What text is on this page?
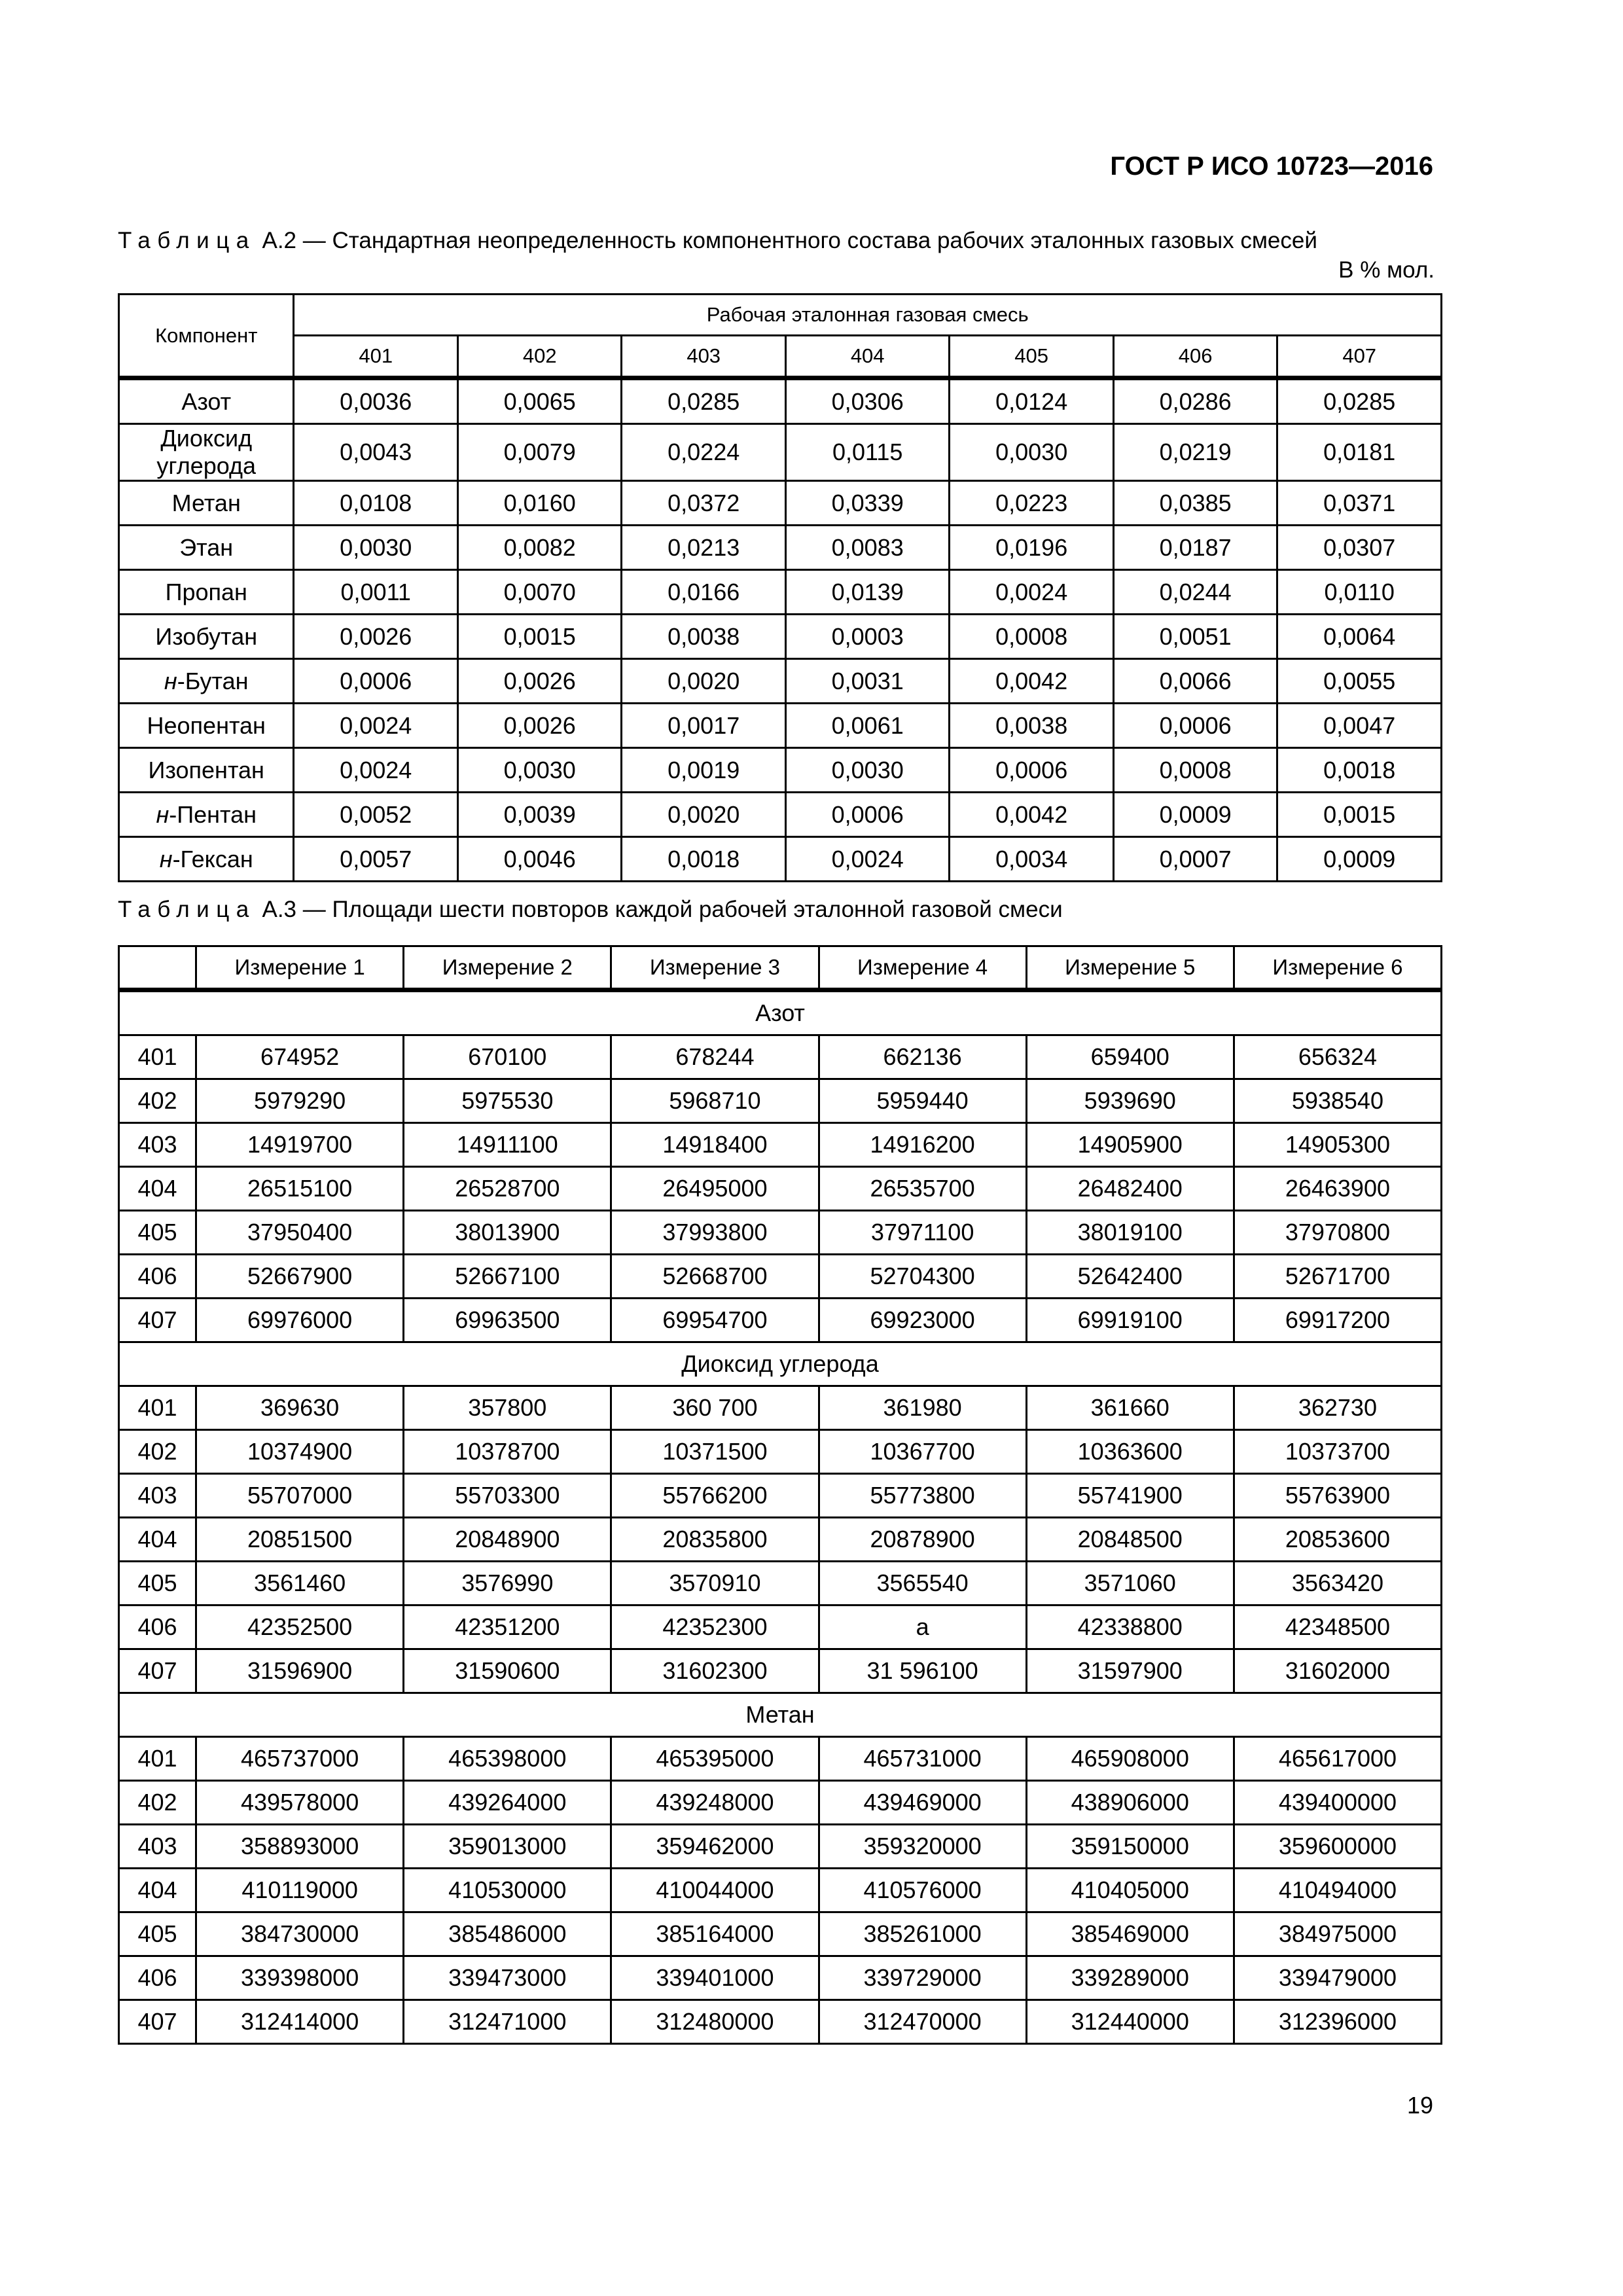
ГОСТ Р ИСО 10723—2016
Таблица А.2 — Стандартная неопределенность компонентного состава рабочих эталонных газовых смесей
В % мол.
Компонент	Рабочая эталонная газовая смесь						
	401	402	403	404	405	406	407
Азот	0,0036	0,0065	0,0285	0,0306	0,0124	0,0286	0,0285
Диоксид углерода	0,0043	0,0079	0,0224	0,0115	0,0030	0,0219	0,0181
Метан	0,0108	0,0160	0,0372	0,0339	0,0223	0,0385	0,0371
Этан	0,0030	0,0082	0,0213	0,0083	0,0196	0,0187	0,0307
Пропан	0,0011	0,0070	0,0166	0,0139	0,0024	0,0244	0,0110
Изобутан	0,0026	0,0015	0,0038	0,0003	0,0008	0,0051	0,0064
н-Бутан	0,0006	0,0026	0,0020	0,0031	0,0042	0,0066	0,0055
Неопентан	0,0024	0,0026	0,0017	0,0061	0,0038	0,0006	0,0047
Изопентан	0,0024	0,0030	0,0019	0,0030	0,0006	0,0008	0,0018
н-Пентан	0,0052	0,0039	0,0020	0,0006	0,0042	0,0009	0,0015
н-Гексан	0,0057	0,0046	0,0018	0,0024	0,0034	0,0007	0,0009
Таблица А.3 — Площади шести повторов каждой рабочей эталонной газовой смеси
	Измерение 1	Измерение 2	Измерение 3	Измерение 4	Измерение 5	Измерение 6
Азот						
401	674952	670100	678244	662136	659400	656324
402	5979290	5975530	5968710	5959440	5939690	5938540
403	14919700	14911100	14918400	14916200	14905900	14905300
404	26515100	26528700	26495000	26535700	26482400	26463900
405	37950400	38013900	37993800	37971100	38019100	37970800
406	52667900	52667100	52668700	52704300	52642400	52671700
407	69976000	69963500	69954700	69923000	69919100	69917200
Диоксид углерода						
401	369630	357800	360 700	361980	361660	362730
402	10374900	10378700	10371500	10367700	10363600	10373700
403	55707000	55703300	55766200	55773800	55741900	55763900
404	20851500	20848900	20835800	20878900	20848500	20853600
405	3561460	3576990	3570910	3565540	3571060	3563420
406	42352500	42351200	42352300	a	42338800	42348500
407	31596900	31590600	31602300	31 596100	31597900	31602000
Метан						
401	465737000	465398000	465395000	465731000	465908000	465617000
402	439578000	439264000	439248000	439469000	438906000	439400000
403	358893000	359013000	359462000	359320000	359150000	359600000
404	410119000	410530000	410044000	410576000	410405000	410494000
405	384730000	385486000	385164000	385261000	385469000	384975000
406	339398000	339473000	339401000	339729000	339289000	339479000
407	312414000	312471000	312480000	312470000	312440000	312396000
19
